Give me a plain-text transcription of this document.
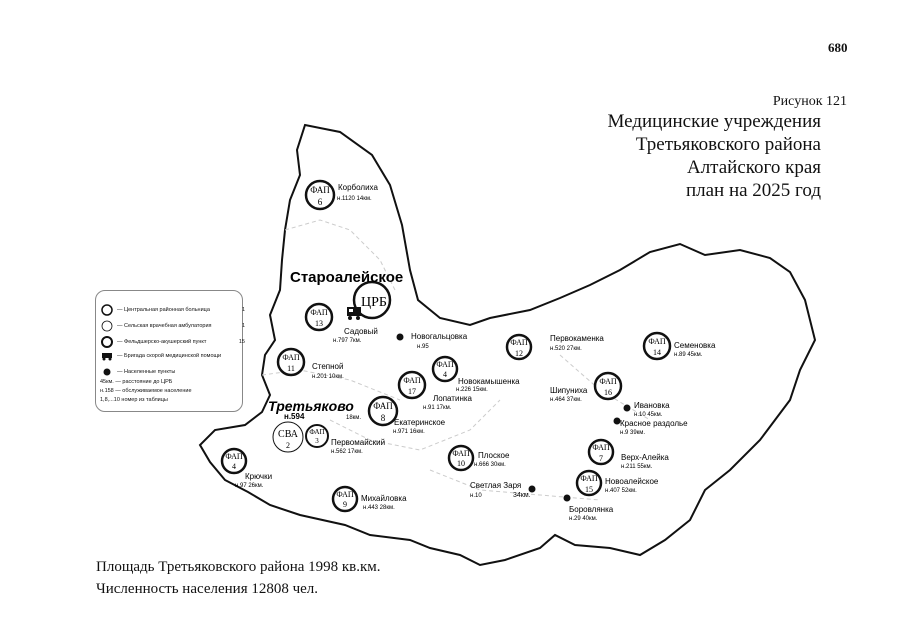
680
Рисунок 121
Медицинские учреждения
Третьяковского района
Алтайского края
план на 2025 год
ФАП
6
ЦРБ
ФАП
13
ФАП
11
ФАП
17
ФАП
4
ФАП
8
СВА
2
ФАП
3
ФАП
4
ФАП
9
ФАП
10
ФАП
12
ФАП
14
ФАП
16
ФАП
7
ФАП
15
Староалейское
Третьяково
н.594	18км.
Корболиха
н.1120 14км.
Садовый
н.797 7км.	Новогальцовка
н.95
Степной
н.201 10км.	Новокамышенка
н.226 15км.
Лопатинка
н.91 17км.
Екатеринское
н.971 16км.
Первомайский
н.562 17км.
Крючки
н.97 26км.
Михайловка
н.443 28км.
Плоское
н.666 30км.
Светлая Заря
н.10	34км.
Первокаменка
н.520 27км.	Семеновка
н.89 45км.
Шипуниха
н.464 37км.
Ивановка
н.10 45км.
Красное раздолье
н.9 39км.
Верх-Алейка
н.211 55км.
Новоалейское
н.407 52км.
Боровлянка
н.29 40км.
— Центральная районная больница	1
— Сельская врачебная амбулатория	1
— Фельдшерско-акушерский пункт	15
— Бригада скорой медицинской помощи
— Населенные пункты
45км. — расстояние до ЦРБ
н.158 — обслуживаемое население
1,8,...10 номер из таблицы
Площадь Третьяковского района 1998 кв.км.
Численность населения 12808 чел.
